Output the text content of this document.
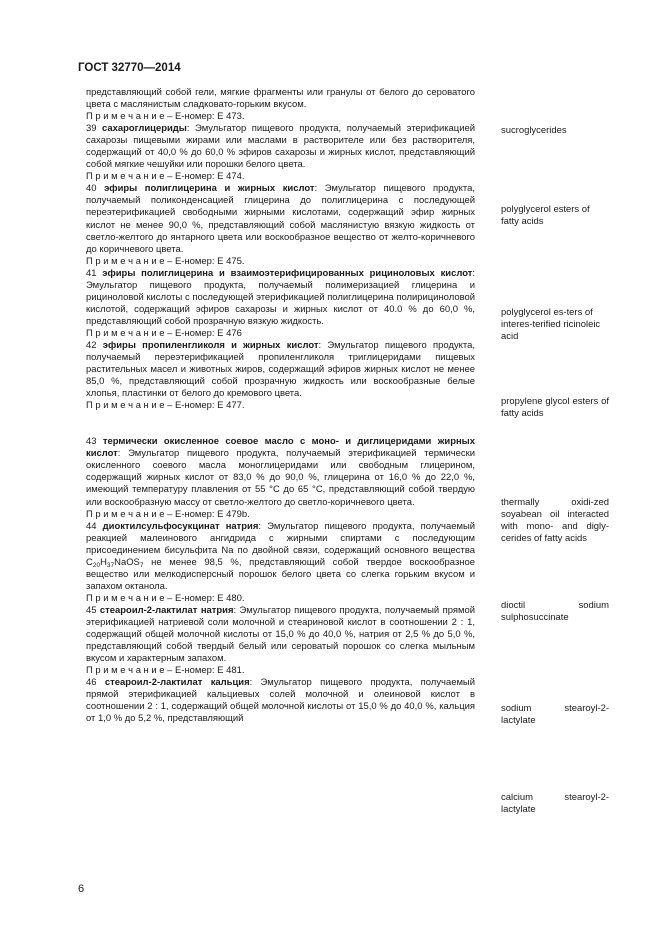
ГОСТ 32770—2014

представляющий собой гели, мягкие фрагменты или гранулы от белого до сероватого цвета с маслянистым сладковато-горьким вкусом.

П р и м е ч а н и е – Е-номер: Е 473.

39 сахароглицериды: Эмульгатор пищевого продукта, получаемый этерификацией сахарозы пищевыми жирами или маслами в растворителе или без растворителя, содержащий от 40,0 % до 60,0 % эфиров сахарозы и жирных кислот, представляющий собой мягкие чешуйки или порошки белого цвета.

П р и м е ч а н и е – Е-номер: Е 474.

40 эфиры полиглицерина и жирных кислот: Эмульгатор пищевого продукта, получаемый поликонденсацией глицерина до полиглицерина с последующей переэтерификацией свободными жирными кислотами, содержащий эфир жирных кислот не менее 90,0 %, представляющий собой маслянистую вязкую жидкость от светло-желтого до янтарного цвета или воскообразное вещество от желто-коричневого до коричневого цвета.

П р и м е ч а н и е – Е-номер: Е 475.

41 эфиры полиглицерина и взаимоэтерифицированных рициноловых кислот: Эмульгатор пищевого продукта, получаемый полимеризацией глицерина и рициноловой кислоты с последующей этерификацией полиглицерина полирициноловой кислотой, содержащий эфиров сахарозы и жирных кислот от 40.0 % до 60,0 %, представляющий собой прозрачную вязкую жидкость.

П р и м е ч а н и е – Е-номер: Е 476

42 эфиры пропиленгликоля и жирных кислот: Эмульгатор пищевого продукта, получаемый переэтерификацией пропиленгликоля триглицеридами пищевых растительных масел и животных жиров, содержащий эфиров жирных кислот не менее 85,0 %, представляющий собой прозрачную жидкость или воскообразные белые хлопья, пластинки от белого до кремового цвета.

П р и м е ч а н и е – Е-номер: Е 477.

43 термически окисленное соевое масло с моно- и диглицеридами жирных кислот: Эмульгатор пищевого продукта, получаемый этерификацией термически окисленного соевого масла моноглицеридами или свободным глицерином, содержащий жирных кислот от 83,0 % до 90,0 %, глицерина от 16,0 % до 22,0 %, имеющий температуру плавления от 55 °С до 65 °С, представляющий собой твердую или воскообразную массу от светло-желтого до светло-коричневого цвета.

П р и м е ч а н и е – Е-номер: Е 479b.

44 диоктилсульфосукцинат натрия: Эмульгатор пищевого продукта, получаемый реакцией малеинового ангидрида с жирными спиртами с последующим присоединением бисульфита Na по двойной связи, содержащий основного вещества $C_{20}H_{37}NaOS_7$ не менее 98,5 %, представляющий собой твердое воскообразное вещество или мелкодисперсный порошок белого цвета со слегка горьким вкусом и запахом октанола.

П р и м е ч а н и е – Е-номер: Е 480.

45 стеароил-2-лактилат натрия: Эмульгатор пищевого продукта, получаемый прямой этерификацией натриевой соли молочной и стеариновой кислот в соотношении 2 : 1, содержащий общей молочной кислоты от 15,0 % до 40,0 %, натрия от 2,5 % до 5,0 %, представляющий собой твердый белый или сероватый порошок со слегка мыльным вкусом и характерным запахом.

П р и м е ч а н и е – Е-номер: Е 481.

46 стеароил-2-лактилат кальция: Эмульгатор пищевого продукта, получаемый прямой этерификацией кальциевых солей молочной и олеиновой кислот в соотношении 2 : 1, содержащий общей молочной кислоты от 15,0 % до 40,0 %, кальция от 1,0 % до 5,2 %, представляющий

sucroglycerides

polyglycerol esters of fatty acids

polyglycerol es-ters of interes-terified ricinoleic acid

propylene glycol esters of fatty acids

thermally oxidi-zed soyabean oil interacted with mono- and digly-cerides of fatty acids

dioctil sodium sulphosuccinate

sodium stearoyl-2-lactylate

calcium stearoyl-2-lactylate

6
